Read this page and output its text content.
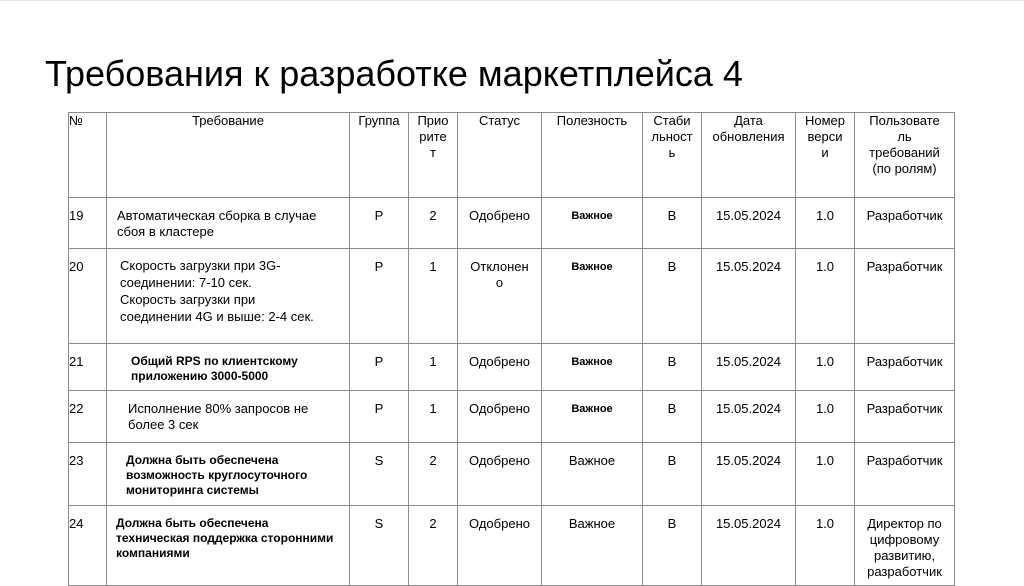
Требования к разработке маркетплейса 4
№	Требование	Группа	Прио
рите
т	Статус	Полезность	Стаби
льност
ь	Дата
обновления	Номер
верси
и	Пользовате
ль
требований
(по ролям)
19	Автоматическая сборка в случае
сбоя в кластере	P	2	Одобрено	Важное	B	15.05.2024	1.0	Разработчик
20	Скорость загрузки при 3G-
соединении: 7-10 сек.
Скорость загрузки при
соединении 4G и выше: 2-4 сек.	P	1	Отклонен
о	Важное	B	15.05.2024	1.0	Разработчик
21	Общий RPS по клиентскому
приложению 3000-5000	P	1	Одобрено	Важное	B	15.05.2024	1.0	Разработчик
22	Исполнение 80% запросов не
более 3 сек	P	1	Одобрено	Важное	B	15.05.2024	1.0	Разработчик
23	Должна быть обеспечена
возможность круглосуточного
мониторинга системы	S	2	Одобрено	Важное	B	15.05.2024	1.0	Разработчик
24	Должна быть обеспечена
техническая поддержка сторонними
компаниями	S	2	Одобрено	Важное	B	15.05.2024	1.0	Директор по
цифровому
развитию,
разработчик
